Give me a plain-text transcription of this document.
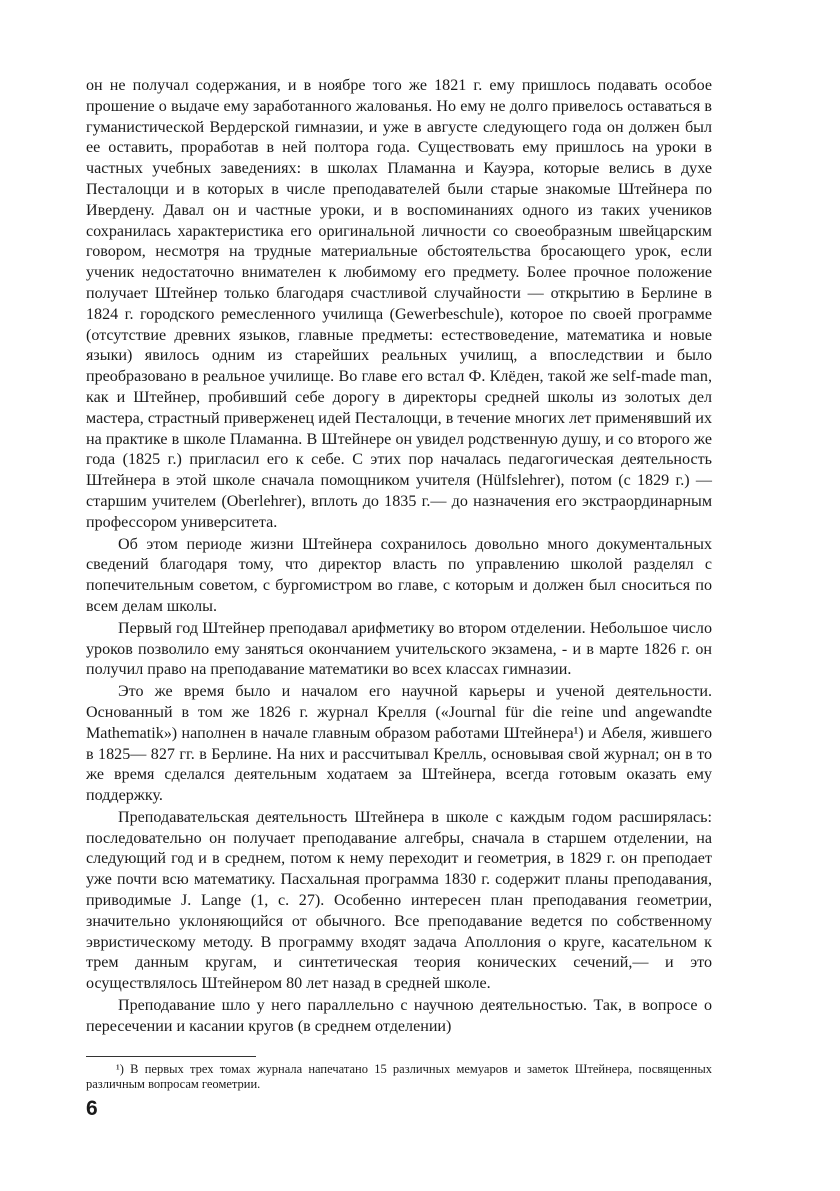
он не получал содержания, и в ноябре того же 1821 г. ему пришлось подавать особое прошение о выдаче ему заработанного жалованья. Но ему не долго привелось оставаться в гуманистической Вердерской гимназии, и уже в августе следующего года он должен был ее оставить, проработав в ней полтора года. Существовать ему пришлось на уроки в частных учебных заведениях: в школах Пламанна и Кауэра, которые велись в духе Песталоцци и в которых в числе преподавателей были старые знакомые Штейнера по Ивердену. Давал он и частные уроки, и в воспоминаниях одного из таких учеников сохранилась характеристика его оригинальной личности со своеобразным швейцарским говором, несмотря на трудные материальные обстоятельства бросающего урок, если ученик недостаточно внимателен к любимому его предмету. Более прочное положение получает Штейнер только благодаря счастливой случайности — открытию в Берлине в 1824 г. городского ремесленного училища (Gewerbeschule), которое по своей программе (отсутствие древних языков, главные предметы: естествоведение, математика и новые языки) явилось одним из старейших реальных училищ, а впоследствии и было преобразовано в реальное училище. Во главе его встал Ф. Клёден, такой же self-made man, как и Штейнер, пробивший себе дорогу в директоры средней школы из золотых дел мастера, страстный приверженец идей Песталоцци, в течение многих лет применявший их на практике в школе Пламанна. В Штейнере он увидел родственную душу, и со второго же года (1825 г.) пригласил его к себе. С этих пор началась педагогическая деятельность Штейнера в этой школе сначала помощником учителя (Hülfslehrer), потом (с 1829 г.) — старшим учителем (Oberlehrer), вплоть до 1835 г.— до назначения его экстраординарным профессором университета.

Об этом периоде жизни Штейнера сохранилось довольно много документальных сведений благодаря тому, что директор власть по управлению школой разделял с попечительным советом, с бургомистром во главе, с которым и должен был сноситься по всем делам школы.

Первый год Штейнер преподавал арифметику во втором отделении. Небольшое число уроков позволило ему заняться окончанием учительского экзамена, - и в марте 1826 г. он получил право на преподавание математики во всех классах гимназии.

Это же время было и началом его научной карьеры и ученой деятельности. Основанный в том же 1826 г. журнал Крелля («Journal für die reine und angewandte Mathematik») наполнен в начале главным образом работами Штейнера¹) и Абеля, жившего в 1825— 827 гг. в Берлине. На них и рассчитывал Крелль, основывая свой журнал; он в то же время сделался деятельным ходатаем за Штейнера, всегда готовым оказать ему поддержку.

Преподавательская деятельность Штейнера в школе с каждым годом расширялась: последовательно он получает преподавание алгебры, сначала в старшем отделении, на следующий год и в среднем, потом к нему переходит и геометрия, в 1829 г. он преподает уже почти всю математику. Пасхальная программа 1830 г. содержит планы преподавания, приводимые J. Lange (1, с. 27). Особенно интересен план преподавания геометрии, значительно уклоняющийся от обычного. Все преподавание ведется по собственному эвристическому методу. В программу входят задача Аполлония о круге, касательном к трем данным кругам, и синтетическая теория конических сечений,— и это осуществлялось Штейнером 80 лет назад в средней школе.

Преподавание шло у него параллельно с научною деятельностью. Так, в вопросе о пересечении и касании кругов (в среднем отделении)

¹) В первых трех томах журнала напечатано 15 различных мемуаров и заметок Штейнера, посвященных различным вопросам геометрии.
6
